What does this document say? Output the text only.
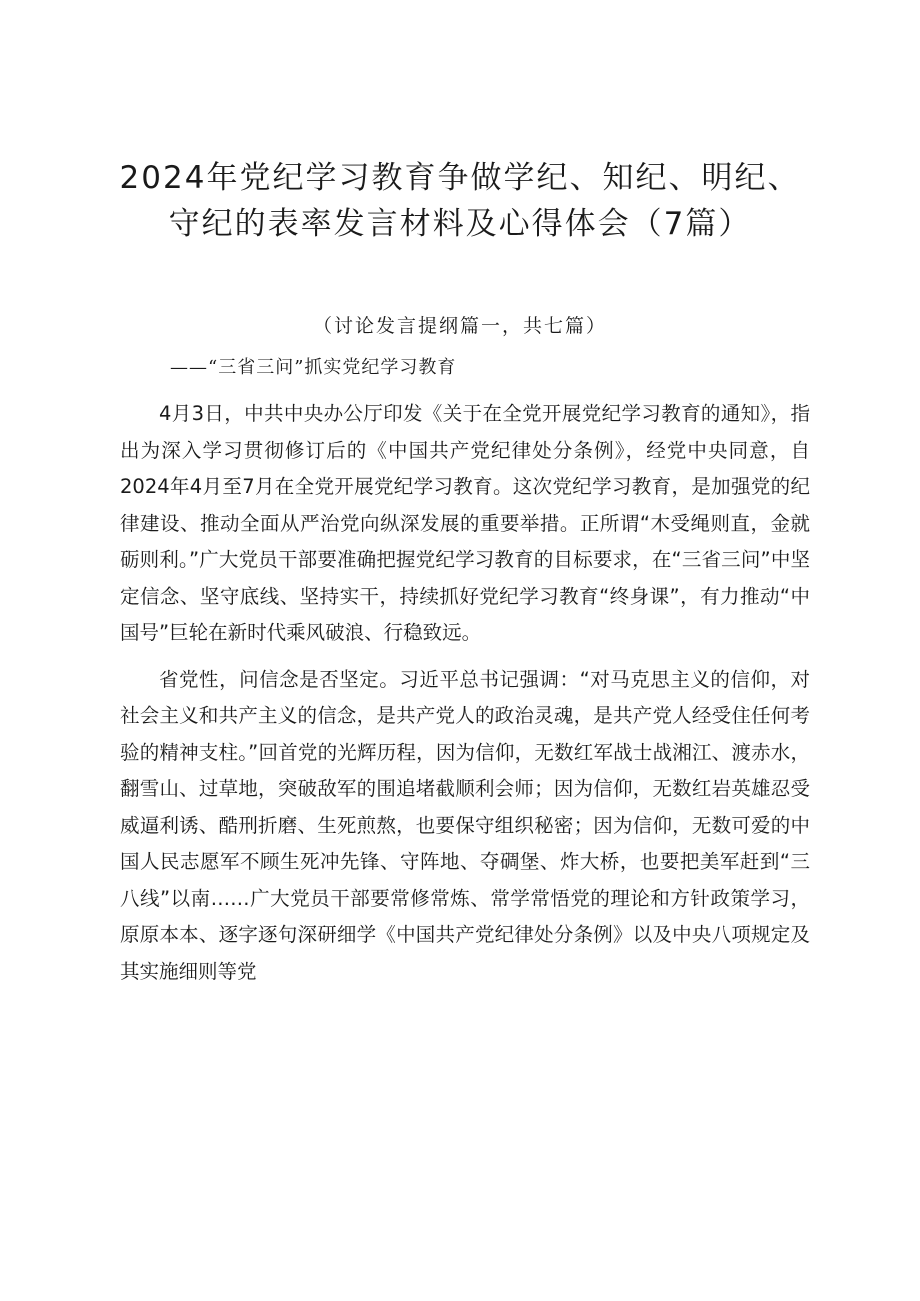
2024年党纪学习教育争做学纪、知纪、明纪、守纪的表率发言材料及心得体会（7篇）

（讨论发言提纲篇一，共七篇）

——“三省三问”抓实党纪学习教育

4月3日，中共中央办公厅印发《关于在全党开展党纪学习教育的通知》，指出为深入学习贯彻修订后的《中国共产党纪律处分条例》，经党中央同意，自2024年4月至7月在全党开展党纪学习教育。这次党纪学习教育，是加强党的纪律建设、推动全面从严治党向纵深发展的重要举措。正所谓“木受绳则直，金就砺则利。”广大党员干部要准确把握党纪学习教育的目标要求，在“三省三问”中坚定信念、坚守底线、坚持实干，持续抓好党纪学习教育“终身课”，有力推动“中国号”巨轮在新时代乘风破浪、行稳致远。

省党性，问信念是否坚定。习近平总书记强调：“对马克思主义的信仰，对社会主义和共产主义的信念，是共产党人的政治灵魂，是共产党人经受住任何考验的精神支柱。”回首党的光辉历程，因为信仰，无数红军战士战湘江、渡赤水，翻雪山、过草地，突破敌军的围追堵截顺利会师；因为信仰，无数红岩英雄忍受威逼利诱、酷刑折磨、生死煎熬，也要保守组织秘密；因为信仰，无数可爱的中国人民志愿军不顾生死冲先锋、守阵地、夺碉堡、炸大桥，也要把美军赶到“三八线”以南……广大党员干部要常修常炼、常学常悟党的理论和方针政策学习，原原本本、逐字逐句深研细学《中国共产党纪律处分条例》以及中央八项规定及其实施细则等党
